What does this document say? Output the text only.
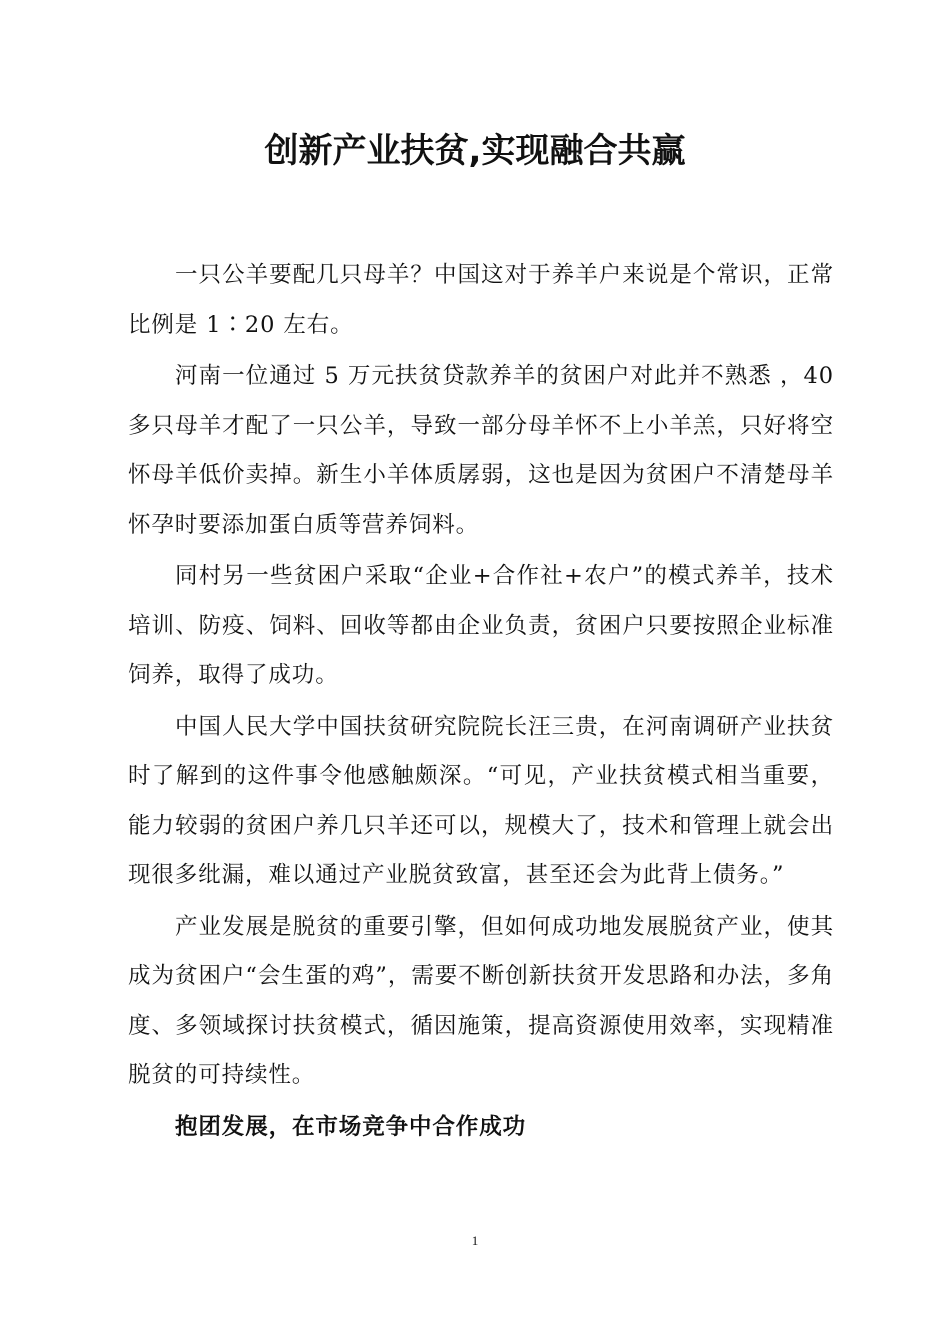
创新产业扶贫,实现融合共赢

一只公羊要配几只母羊？中国这对于养羊户来说是个常识，正常比例是 1∶20 左右。

河南一位通过 5 万元扶贫贷款养羊的贫困户对此并不熟悉 ，40 多只母羊才配了一只公羊，导致一部分母羊怀不上小羊羔，只好将空怀母羊低价卖掉。新生小羊体质孱弱，这也是因为贫困户不清楚母羊怀孕时要添加蛋白质等营养饲料。

同村另一些贫困户采取“企业+合作社+农户”的模式养羊，技术培训、防疫、饲料、回收等都由企业负责，贫困户只要按照企业标准饲养，取得了成功。

中国人民大学中国扶贫研究院院长汪三贵，在河南调研产业扶贫时了解到的这件事令他感触颇深。“可见，产业扶贫模式相当重要，能力较弱的贫困户养几只羊还可以，规模大了，技术和管理上就会出现很多纰漏，难以通过产业脱贫致富，甚至还会为此背上债务。”

产业发展是脱贫的重要引擎，但如何成功地发展脱贫产业，使其成为贫困户“会生蛋的鸡”，需要不断创新扶贫开发思路和办法，多角度、多领域探讨扶贫模式，循因施策，提高资源使用效率，实现精准脱贫的可持续性。

抱团发展，在市场竞争中合作成功

1
